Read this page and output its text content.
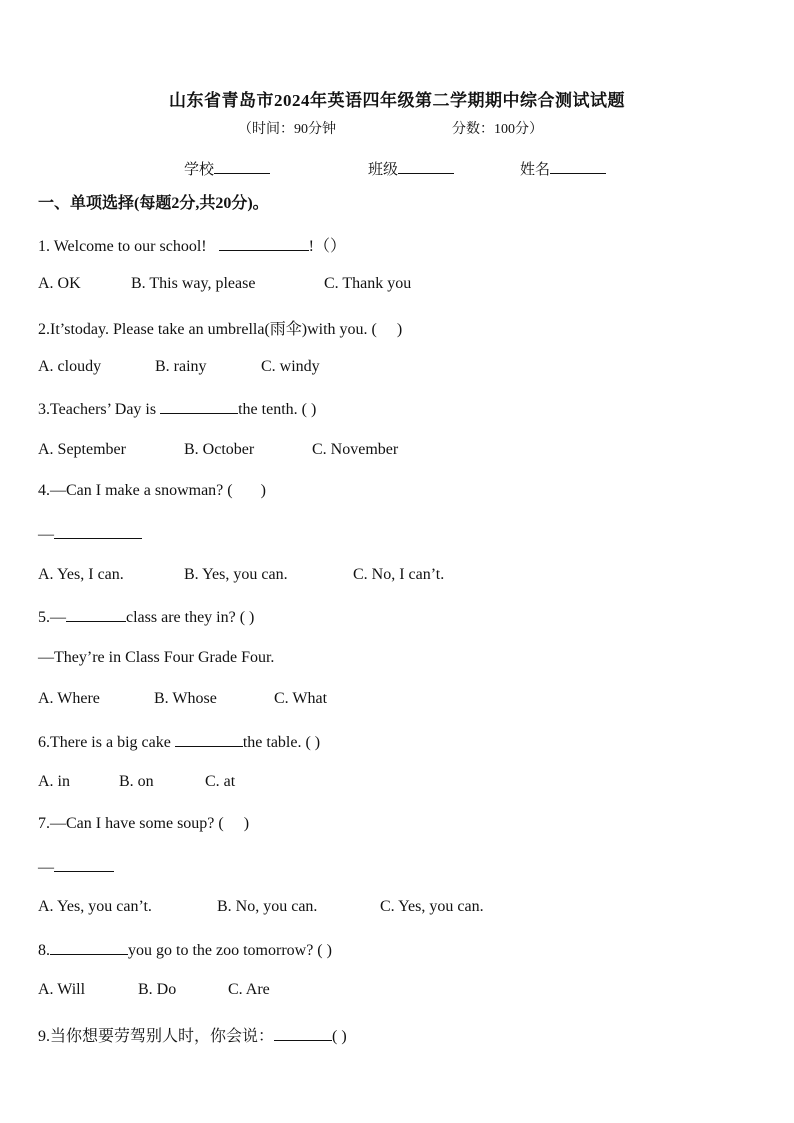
山东省青岛市2024年英语四年级第二学期期中综合测试试题
（时间：90分钟	分数：100分）
学校	班级	姓名
一、单项选择(每题2分,共20分)。
1. Welcome to our school!	!（）
A. OK	B. This way, please	C. Thank you
2.It’stoday. Please take an umbrella(雨伞)with you. ( )
A. cloudy	B. rainy	C. windy
3.Teachers’ Day is	the tenth. ( )
A. September	B. October	C. November
4.—Can I make a snowman? ( )
—
A. Yes, I can.	B. Yes, you can.	C. No, I can’t.
5.—	class are they in? ( )
—They’re in Class Four Grade Four.
A. Where	B. Whose	C. What
6.There is a big cake	the table. ( )
A. in	B. on	C. at
7.—Can I have some soup? ( )
—
A. Yes, you can’t.	B. No, you can.	C. Yes, you can.
8.	you go to the zoo tomorrow? ( )
A. Will	B. Do	C. Are
9.当你想要劳驾别人时，你会说：	( )
